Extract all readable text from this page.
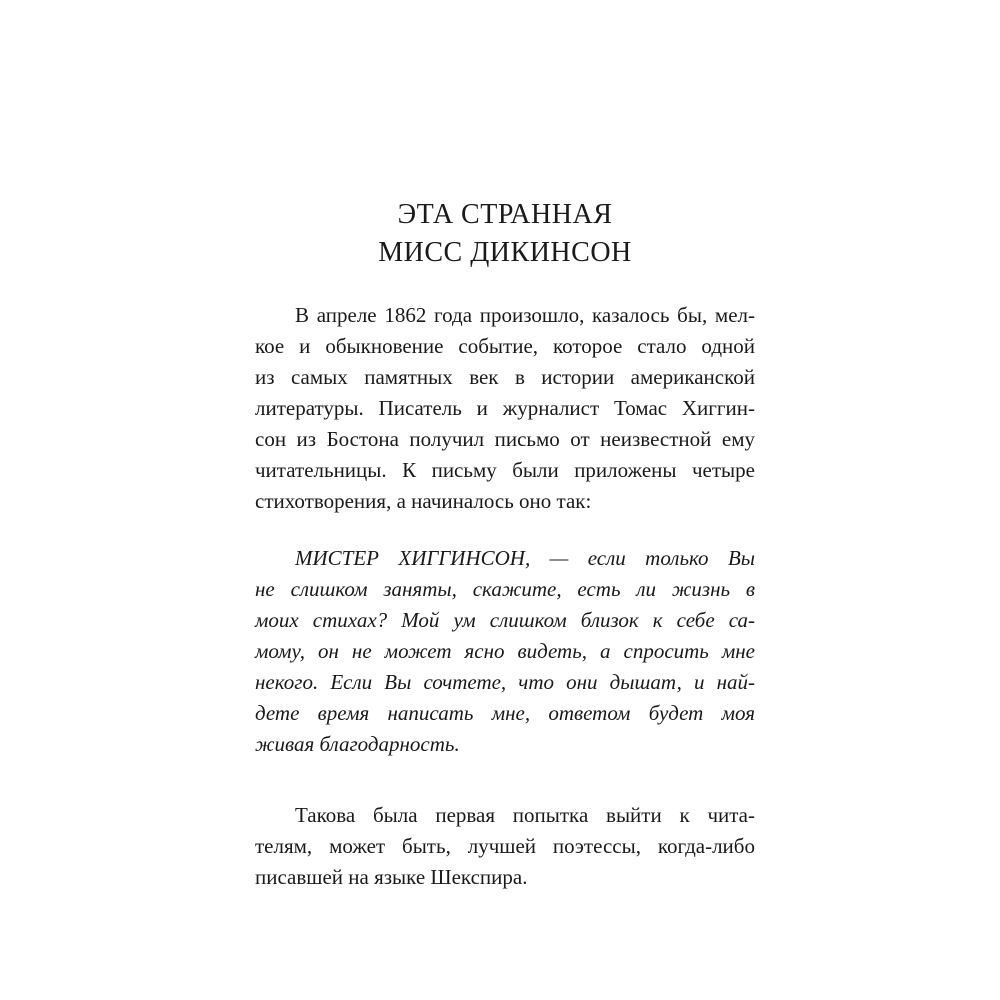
ЭТА СТРАННАЯ
МИСС ДИКИНСОН
В апреле 1862 года произошло, казалось бы, мел-
кое и обыкновение событие, которое стало одной
из самых памятных век в истории американской
литературы. Писатель и журналист Томас Хиггин-
сон из Бостона получил письмо от неизвестной ему
читательницы. К письму были приложены четыре
стихотворения, а начиналось оно так:
МИСТЕР ХИГГИНСОН, — если только Вы
не слишком заняты, скажите, есть ли жизнь в
моих стихах? Мой ум слишком близок к себе са-
мому, он не может ясно видеть, а спросить мне
некого. Если Вы сочтете, что они дышат, и най-
дете время написать мне, ответом будет моя
живая благодарность.
Такова была первая попытка выйти к чита-
телям, может быть, лучшей поэтессы, когда-либо
писавшей на языке Шекспира.
